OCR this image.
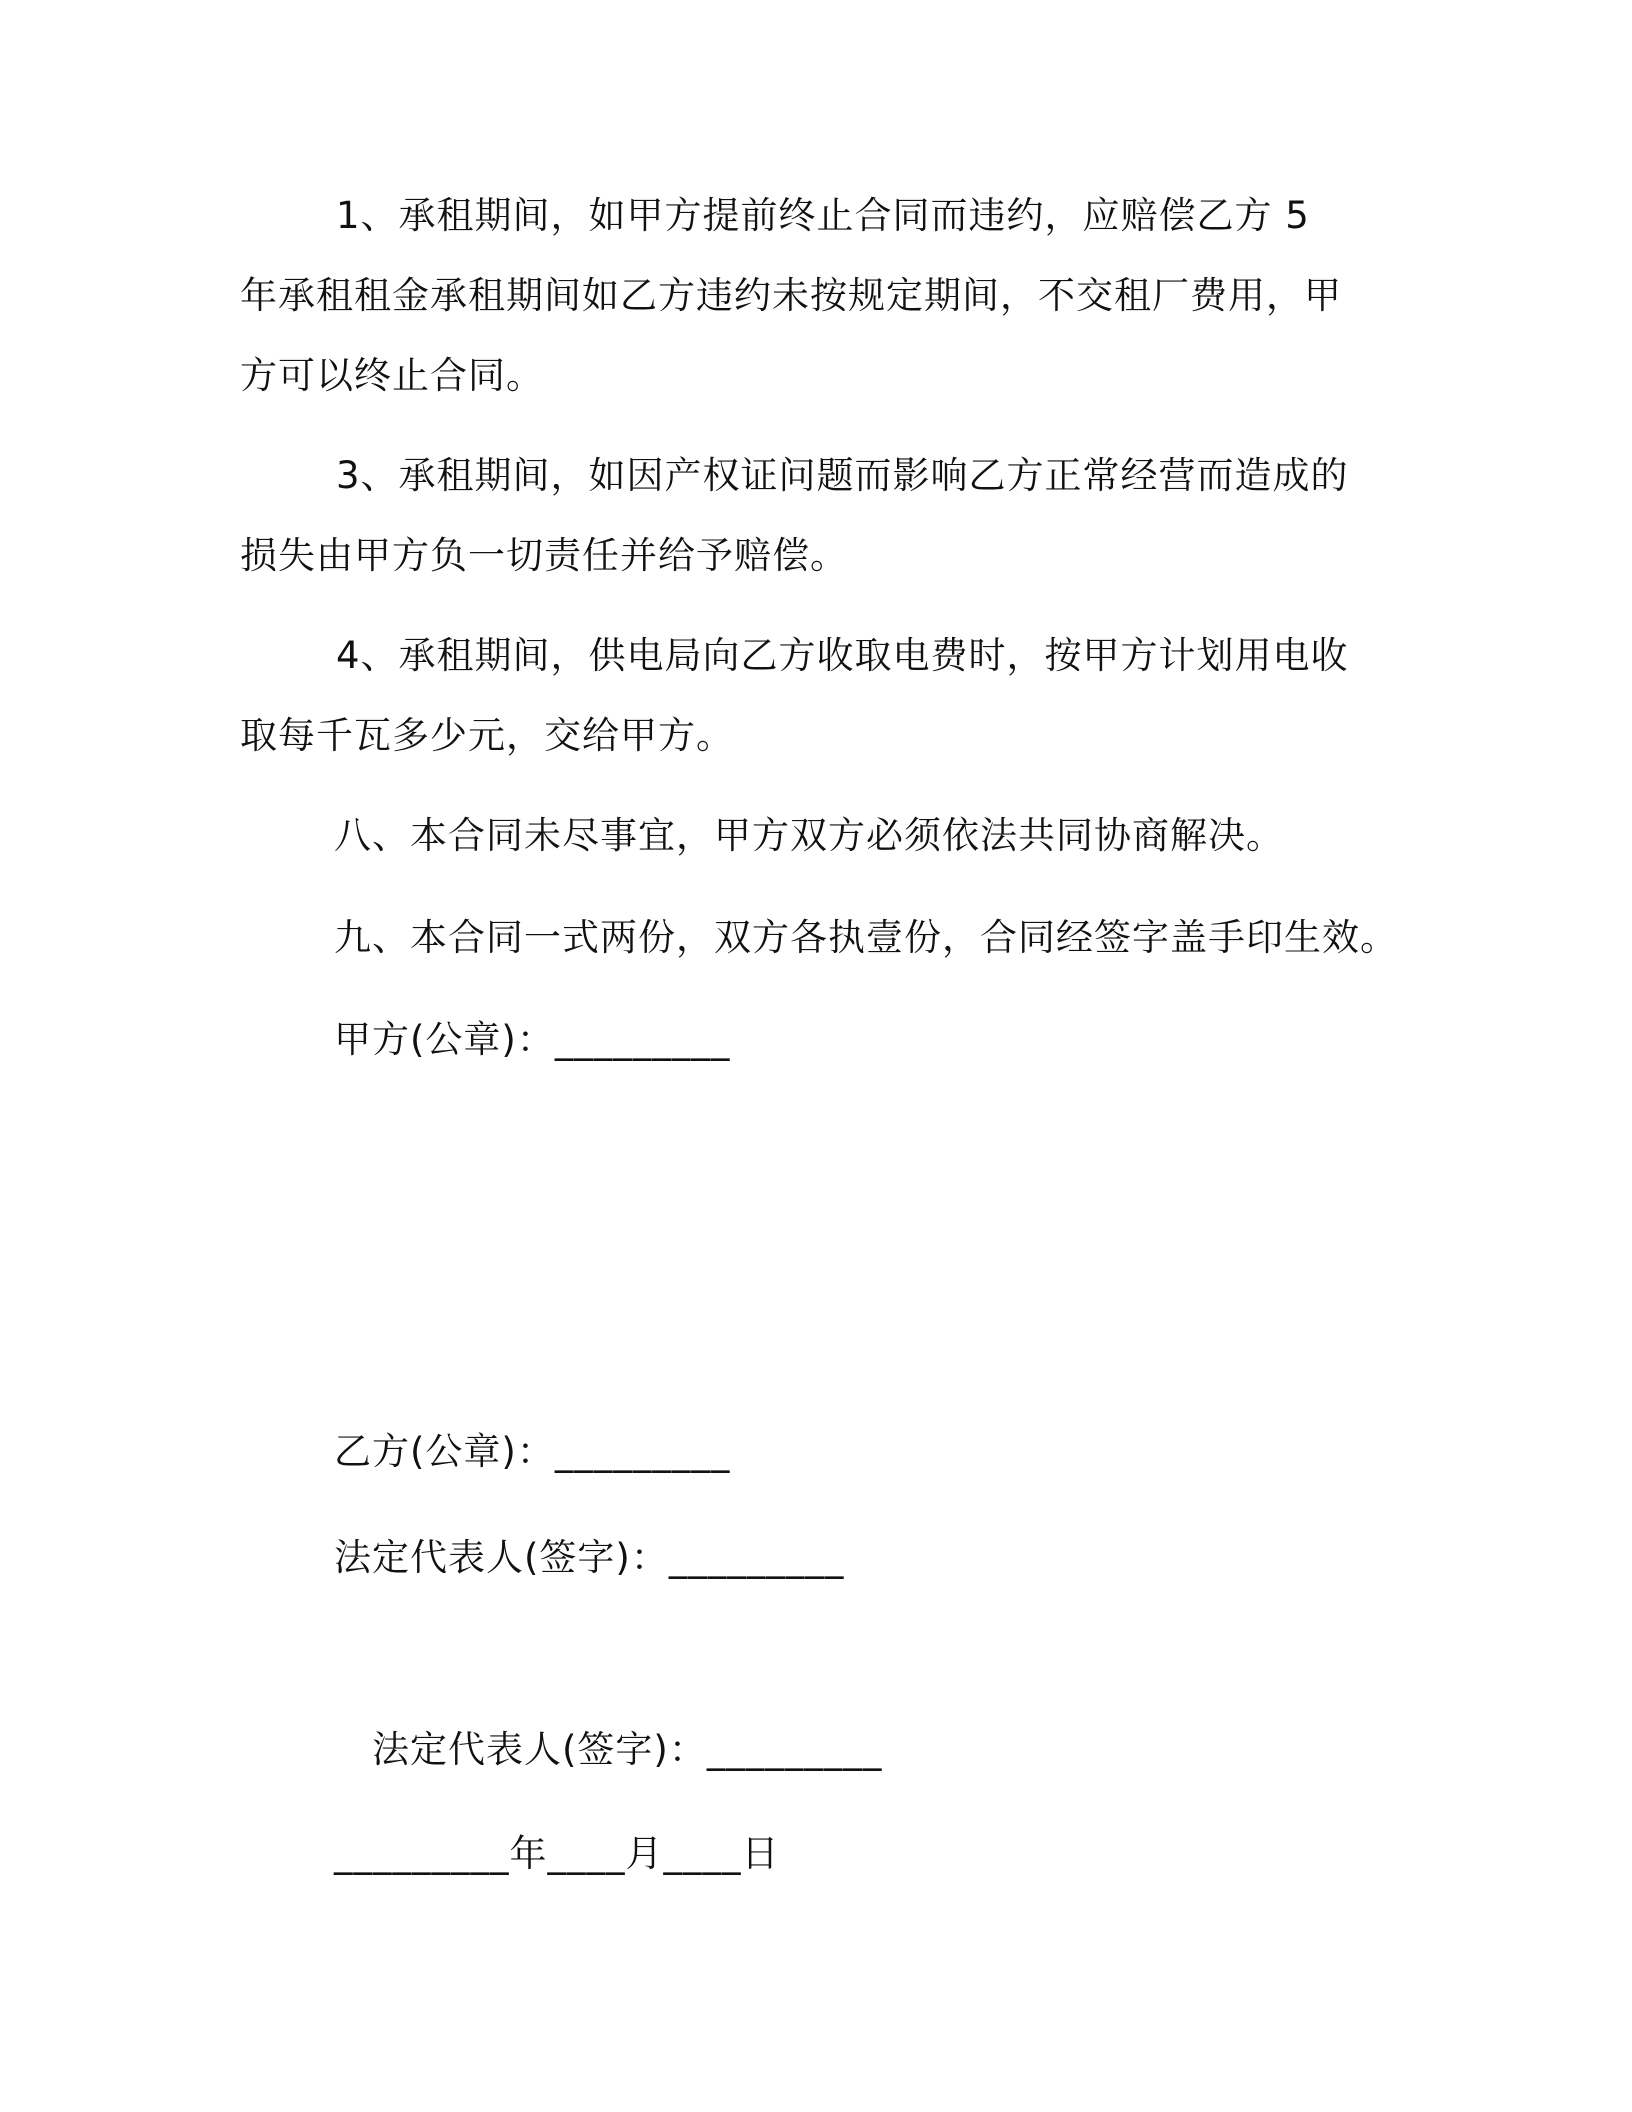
1、承租期间，如甲方提前终止合同而违约，应赔偿乙方 5 年承租租金承租期间如乙方违约未按规定期间，不交租厂费用，甲方可以终止合同。

3、承租期间，如因产权证问题而影响乙方正常经营而造成的损失由甲方负一切责任并给予赔偿。

4、承租期间，供电局向乙方收取电费时，按甲方计划用电收取每千瓦多少元，交给甲方。

八、本合同未尽事宜，甲方双方必须依法共同协商解决。

九、本合同一式两份，双方各执壹份，合同经签字盖手印生效。

甲方(公章)：_________

乙方(公章)：_________

法定代表人(签字)：_________

法定代表人(签字)：_________

_________年____月____日
